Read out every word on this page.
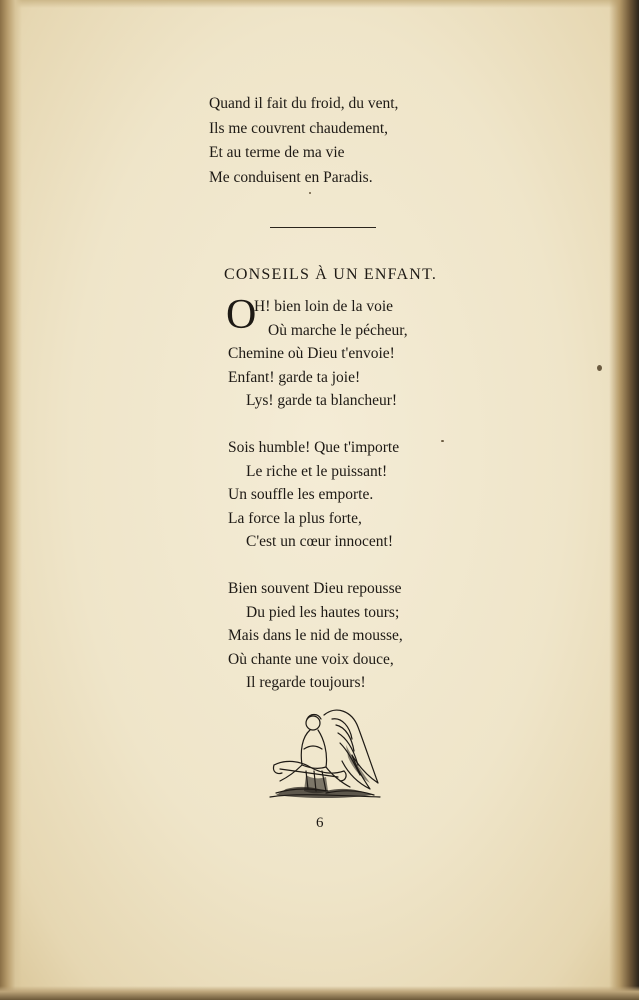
Quand il fait du froid, du vent,
Ils me couvrent chaudement,
Et au terme de ma vie
Me conduisent en Paradis.
CONSEILS À UN ENFANT.
O
H! bien loin de la voie
Où marche le pécheur,
Chemine où Dieu t'envoie!
Enfant! garde ta joie!
Lys! garde ta blancheur!
Sois humble! Que t'importe
Le riche et le puissant!
Un souffle les emporte.
La force la plus forte,
C'est un cœur innocent!
Bien souvent Dieu repousse
Du pied les hautes tours;
Mais dans le nid de mousse,
Où chante une voix douce,
Il regarde toujours!
6
